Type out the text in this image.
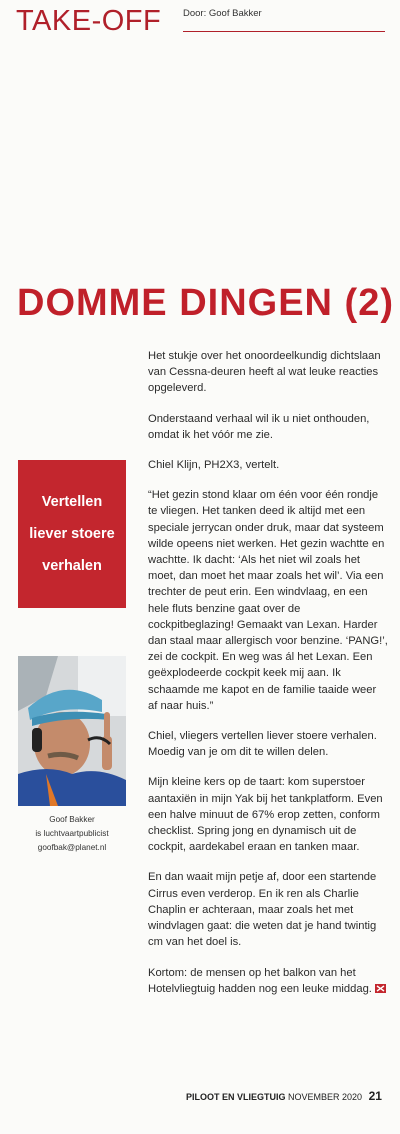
TAKE-OFF Door: Goof Bakker
DOMME DINGEN (2)
Vertellen liever stoere verhalen
Goof Bakker
is luchtvaartpublicist
goofbak@planet.nl

Het stukje over het onoordeelkundig dichtslaan van Cessna-deuren heeft al wat leuke reacties opgeleverd.

Onderstaand verhaal wil ik u niet onthouden, omdat ik het vóór me zie.

Chiel Klijn, PH2X3, vertelt.

“Het gezin stond klaar om één voor één rondje te vliegen. Het tanken deed ik altijd met een speciale jerrycan onder druk, maar dat systeem wilde opeens niet werken. Het gezin wachtte en wachtte. Ik dacht: ‘Als het niet wil zoals het moet, dan moet het maar zoals het wil’. Via een trechter de peut erin. Een windvlaag, en een hele fluts benzine gaat over de cockpitbeglazing! Gemaakt van Lexan. Harder dan staal maar allergisch voor benzine. ‘PANG!’, zei de cockpit. En weg was ál het Lexan. Een geëxplodeerde cockpit keek mij aan. Ik schaamde me kapot en de familie taaide weer af naar huis.”

Chiel, vliegers vertellen liever stoere verhalen. Moedig van je om dit te willen delen.

Mijn kleine kers op de taart: kom superstoer aantaxiën in mijn Yak bij het tankplatform. Even een halve minuut de 67% erop zetten, conform checklist. Spring jong en dynamisch uit de cockpit, aardekabel eraan en tanken maar.

En dan waait mijn petje af, door een startende Cirrus even verderop. En ik ren als Charlie Chaplin er achteraan, maar zoals het met windvlagen gaat: die weten dat je hand twintig cm van het doel is.

Kortom: de mensen op het balkon van het Hotelvliegtuig hadden nog een leuke middag.

PILOOT EN VLIEGTUIG NOVEMBER 2020 21
